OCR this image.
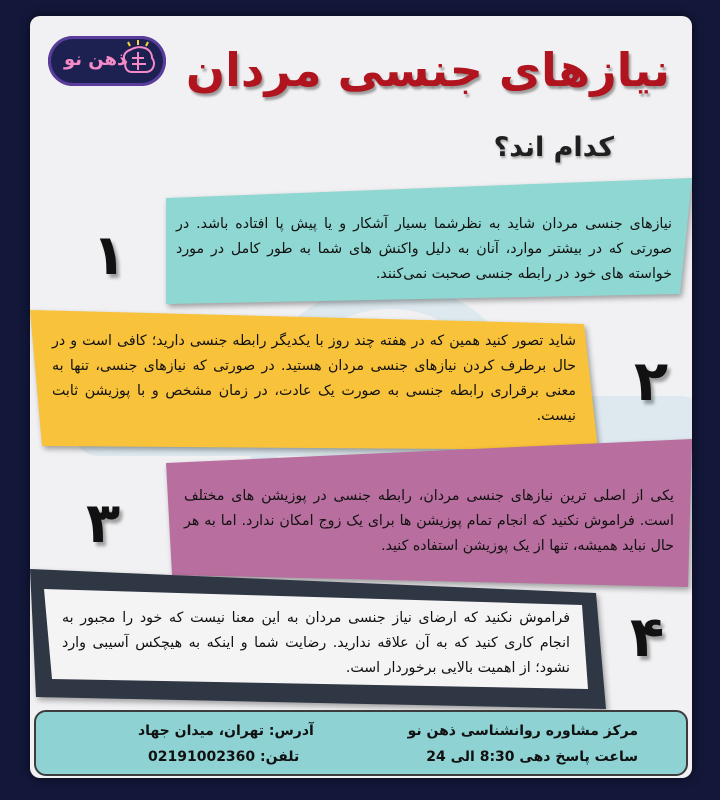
ذهن نو نیازهای جنسی مردان
کدام اند؟
نیازهای جنسی مردان شاید به نظرشما بسیار آشکار و یا پیش پا افتاده باشد. در صورتی که در بیشتر موارد، آنان به دلیل واکنش های شما به طور کامل در مورد خواسته های خود در رابطه جنسی صحبت نمی‌کنند.
۱
شاید تصور کنید همین که در هفته چند روز با یکدیگر رابطه جنسی دارید؛ کافی است و در حال برطرف کردن نیازهای جنسی مردان هستید. در صورتی که نیازهای جنسی، تنها به معنی برقراری رابطه جنسی به صورت یک عادت، در زمان مشخص و با پوزیشن ثابت نیست.
۲
یکی از اصلی ترین نیازهای جنسی مردان، رابطه جنسی در پوزیشن های مختلف است. فراموش نکنید که انجام تمام پوزیشن ها برای یک زوج امکان ندارد. اما به هر حال نباید همیشه، تنها از یک پوزیشن استفاده کنید.
۳
فراموش نکنید که ارضای نیاز جنسی مردان به این معنا نیست که خود را مجبور به انجام کاری کنید که به آن علاقه ندارید. رضایت شما و اینکه به هیچکس آسیبی وارد نشود؛ از اهمیت بالایی برخوردار است. ۴
مرکز مشاوره روانشناسی ذهن نو
ساعت پاسخ دهی 8:30 الی 24
آدرس: تهران، میدان جهاد
تلفن: 02191002360
